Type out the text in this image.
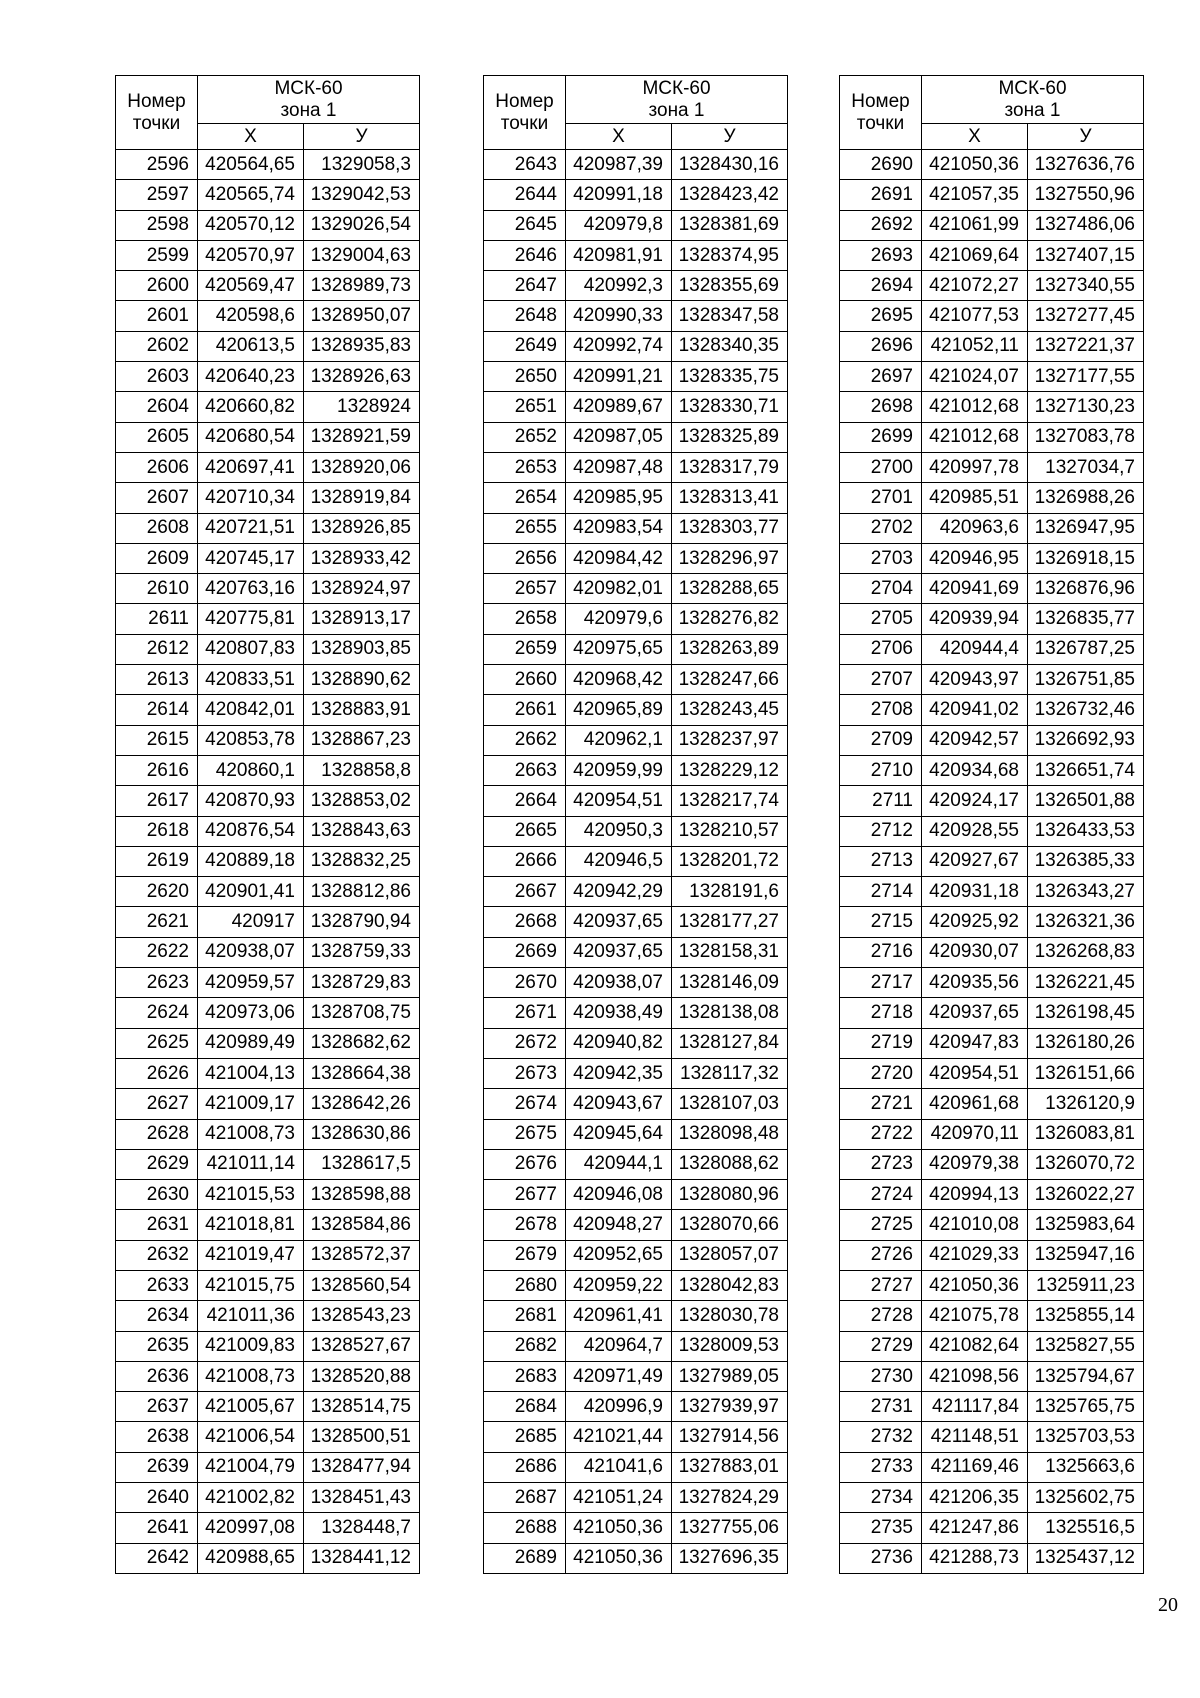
Номер
точки	МСК-60
зона 1	
	Х	У
2596	420564,65	1329058,3
2597	420565,74	1329042,53
2598	420570,12	1329026,54
2599	420570,97	1329004,63
2600	420569,47	1328989,73
2601	420598,6	1328950,07
2602	420613,5	1328935,83
2603	420640,23	1328926,63
2604	420660,82	1328924
2605	420680,54	1328921,59
2606	420697,41	1328920,06
2607	420710,34	1328919,84
2608	420721,51	1328926,85
2609	420745,17	1328933,42
2610	420763,16	1328924,97
2611	420775,81	1328913,17
2612	420807,83	1328903,85
2613	420833,51	1328890,62
2614	420842,01	1328883,91
2615	420853,78	1328867,23
2616	420860,1	1328858,8
2617	420870,93	1328853,02
2618	420876,54	1328843,63
2619	420889,18	1328832,25
2620	420901,41	1328812,86
2621	420917	1328790,94
2622	420938,07	1328759,33
2623	420959,57	1328729,83
2624	420973,06	1328708,75
2625	420989,49	1328682,62
2626	421004,13	1328664,38
2627	421009,17	1328642,26
2628	421008,73	1328630,86
2629	421011,14	1328617,5
2630	421015,53	1328598,88
2631	421018,81	1328584,86
2632	421019,47	1328572,37
2633	421015,75	1328560,54
2634	421011,36	1328543,23
2635	421009,83	1328527,67
2636	421008,73	1328520,88
2637	421005,67	1328514,75
2638	421006,54	1328500,51
2639	421004,79	1328477,94
2640	421002,82	1328451,43
2641	420997,08	1328448,7
2642	420988,65	1328441,12
Номер
точки	МСК-60
зона 1	
	Х	У
2643	420987,39	1328430,16
2644	420991,18	1328423,42
2645	420979,8	1328381,69
2646	420981,91	1328374,95
2647	420992,3	1328355,69
2648	420990,33	1328347,58
2649	420992,74	1328340,35
2650	420991,21	1328335,75
2651	420989,67	1328330,71
2652	420987,05	1328325,89
2653	420987,48	1328317,79
2654	420985,95	1328313,41
2655	420983,54	1328303,77
2656	420984,42	1328296,97
2657	420982,01	1328288,65
2658	420979,6	1328276,82
2659	420975,65	1328263,89
2660	420968,42	1328247,66
2661	420965,89	1328243,45
2662	420962,1	1328237,97
2663	420959,99	1328229,12
2664	420954,51	1328217,74
2665	420950,3	1328210,57
2666	420946,5	1328201,72
2667	420942,29	1328191,6
2668	420937,65	1328177,27
2669	420937,65	1328158,31
2670	420938,07	1328146,09
2671	420938,49	1328138,08
2672	420940,82	1328127,84
2673	420942,35	1328117,32
2674	420943,67	1328107,03
2675	420945,64	1328098,48
2676	420944,1	1328088,62
2677	420946,08	1328080,96
2678	420948,27	1328070,66
2679	420952,65	1328057,07
2680	420959,22	1328042,83
2681	420961,41	1328030,78
2682	420964,7	1328009,53
2683	420971,49	1327989,05
2684	420996,9	1327939,97
2685	421021,44	1327914,56
2686	421041,6	1327883,01
2687	421051,24	1327824,29
2688	421050,36	1327755,06
2689	421050,36	1327696,35
Номер
точки	МСК-60
зона 1	
	Х	У
2690	421050,36	1327636,76
2691	421057,35	1327550,96
2692	421061,99	1327486,06
2693	421069,64	1327407,15
2694	421072,27	1327340,55
2695	421077,53	1327277,45
2696	421052,11	1327221,37
2697	421024,07	1327177,55
2698	421012,68	1327130,23
2699	421012,68	1327083,78
2700	420997,78	1327034,7
2701	420985,51	1326988,26
2702	420963,6	1326947,95
2703	420946,95	1326918,15
2704	420941,69	1326876,96
2705	420939,94	1326835,77
2706	420944,4	1326787,25
2707	420943,97	1326751,85
2708	420941,02	1326732,46
2709	420942,57	1326692,93
2710	420934,68	1326651,74
2711	420924,17	1326501,88
2712	420928,55	1326433,53
2713	420927,67	1326385,33
2714	420931,18	1326343,27
2715	420925,92	1326321,36
2716	420930,07	1326268,83
2717	420935,56	1326221,45
2718	420937,65	1326198,45
2719	420947,83	1326180,26
2720	420954,51	1326151,66
2721	420961,68	1326120,9
2722	420970,11	1326083,81
2723	420979,38	1326070,72
2724	420994,13	1326022,27
2725	421010,08	1325983,64
2726	421029,33	1325947,16
2727	421050,36	1325911,23
2728	421075,78	1325855,14
2729	421082,64	1325827,55
2730	421098,56	1325794,67
2731	421117,84	1325765,75
2732	421148,51	1325703,53
2733	421169,46	1325663,6
2734	421206,35	1325602,75
2735	421247,86	1325516,5
2736	421288,73	1325437,12
20
